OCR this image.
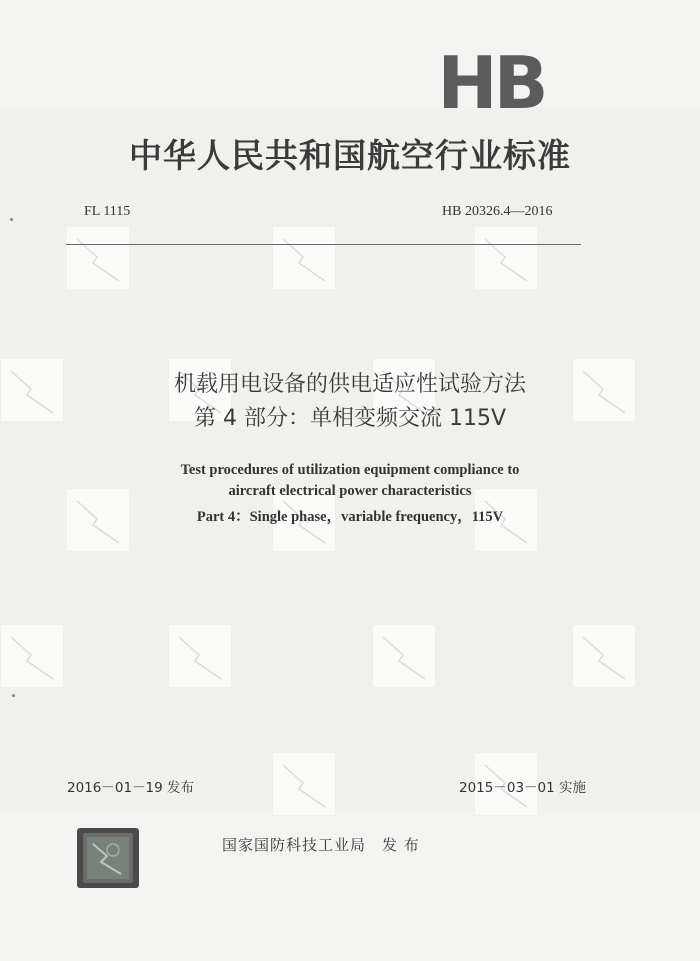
HB
中华人民共和国航空行业标准
FL 1115	HB 20326.4—2016
机载用电设备的供电适应性试验方法
第 4 部分：单相变频交流 115V
Test procedures of utilization equipment compliance to
aircraft electrical power characteristics
Part 4：Single phase，variable frequency，115V
2016－01－19 发布	2015－03－01 实施
国家国防科技工业局　发 布
